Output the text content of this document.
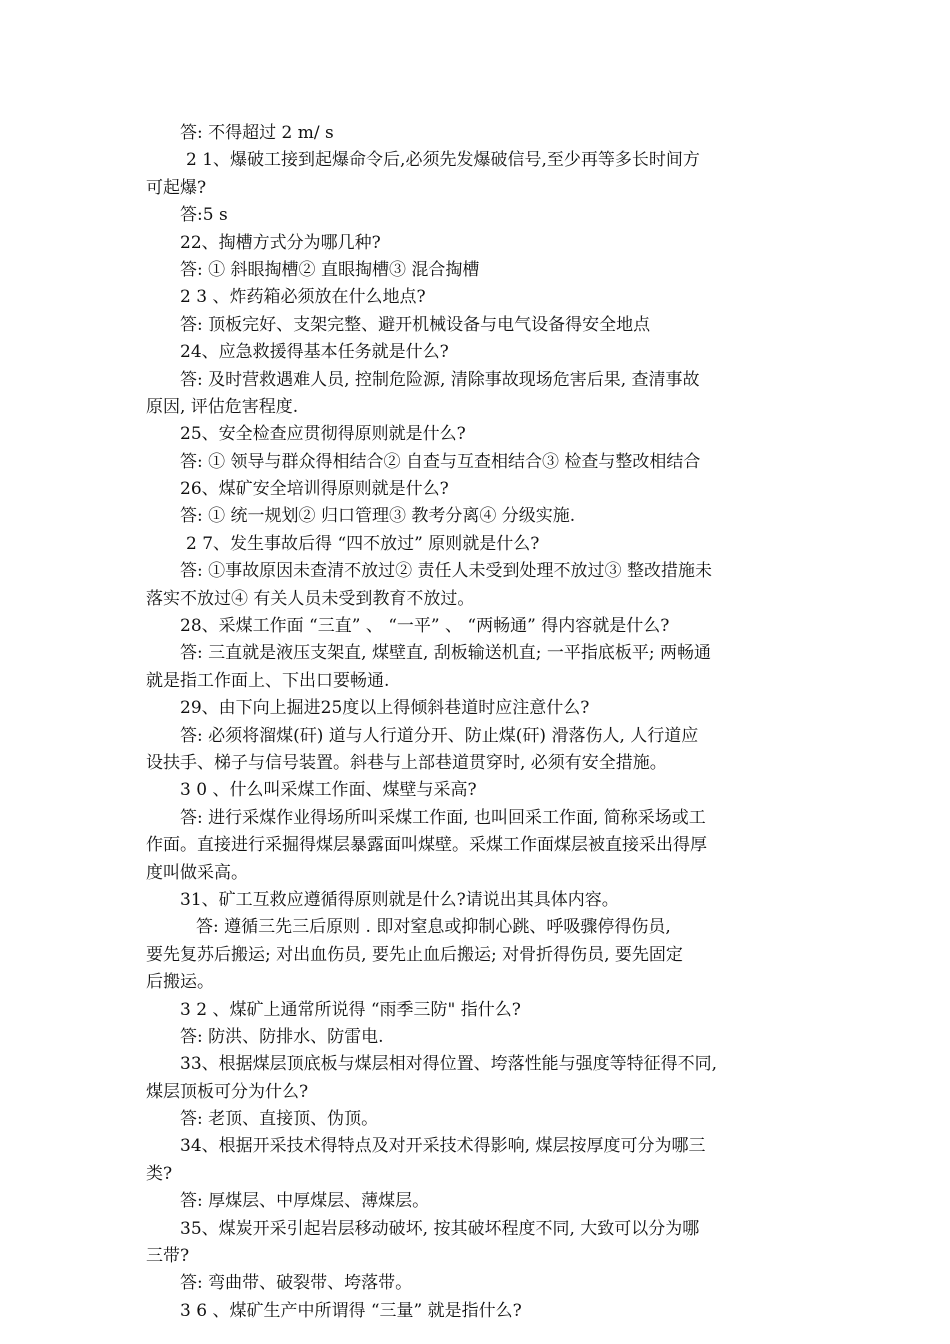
答: 不得超过 2 m/ s
2 1、爆破工接到起爆命令后,必须先发爆破信号,至少再等多长时间方
可起爆?
答:5 s
22、掏槽方式分为哪几种?
答: ① 斜眼掏槽② 直眼掏槽③ 混合掏槽
2 3 、炸药箱必须放在什么地点?
答: 顶板完好、支架完整、避开机械设备与电气设备得安全地点
24、应急救援得基本任务就是什么?
答: 及时营救遇难人员, 控制危险源, 清除事故现场危害后果, 查清事故
原因, 评估危害程度.
25、安全检查应贯彻得原则就是什么?
答: ① 领导与群众得相结合② 自查与互查相结合③ 检查与整改相结合
26、煤矿安全培训得原则就是什么?
答: ① 统一规划② 归口管理③ 教考分离④ 分级实施.
2 7、发生事故后得 “四不放过” 原则就是什么?
答: ①事故原因未查清不放过② 责任人未受到处理不放过③ 整改措施未
落实不放过④ 有关人员未受到教育不放过。
28、采煤工作面 “三直” 、 “一平” 、 “两畅通” 得内容就是什么?
答: 三直就是液压支架直, 煤壁直, 刮板输送机直; 一平指底板平; 两畅通
就是指工作面上、下出口要畅通.
29、由下向上掘进25度以上得倾斜巷道时应注意什么?
答: 必须将溜煤(矸) 道与人行道分开、防止煤(矸) 滑落伤人, 人行道应
设扶手、梯子与信号装置。斜巷与上部巷道贯穿时, 必须有安全措施。
3 0 、什么叫采煤工作面、煤壁与采高?
答: 进行采煤作业得场所叫采煤工作面, 也叫回采工作面, 简称采场或工
作面。直接进行采掘得煤层暴露面叫煤壁。采煤工作面煤层被直接采出得厚
度叫做采高。
31、矿工互救应遵循得原则就是什么?请说出其具体内容。
答: 遵循三先三后原则 . 即对窒息或抑制心跳、呼吸骤停得伤员,
要先复苏后搬运; 对出血伤员, 要先止血后搬运; 对骨折得伤员, 要先固定
后搬运。
3 2 、煤矿上通常所说得 “雨季三防" 指什么?
答: 防洪、防排水、防雷电.
33、根据煤层顶底板与煤层相对得位置、垮落性能与强度等特征得不同,
煤层顶板可分为什么?
答: 老顶、直接顶、伪顶。
34、根据开采技术得特点及对开采技术得影响, 煤层按厚度可分为哪三
类?
答: 厚煤层、中厚煤层、薄煤层。
35、煤炭开采引起岩层移动破坏, 按其破坏程度不同, 大致可以分为哪
三带?
答: 弯曲带、破裂带、垮落带。
3 6 、煤矿生产中所谓得 “三量” 就是指什么?
